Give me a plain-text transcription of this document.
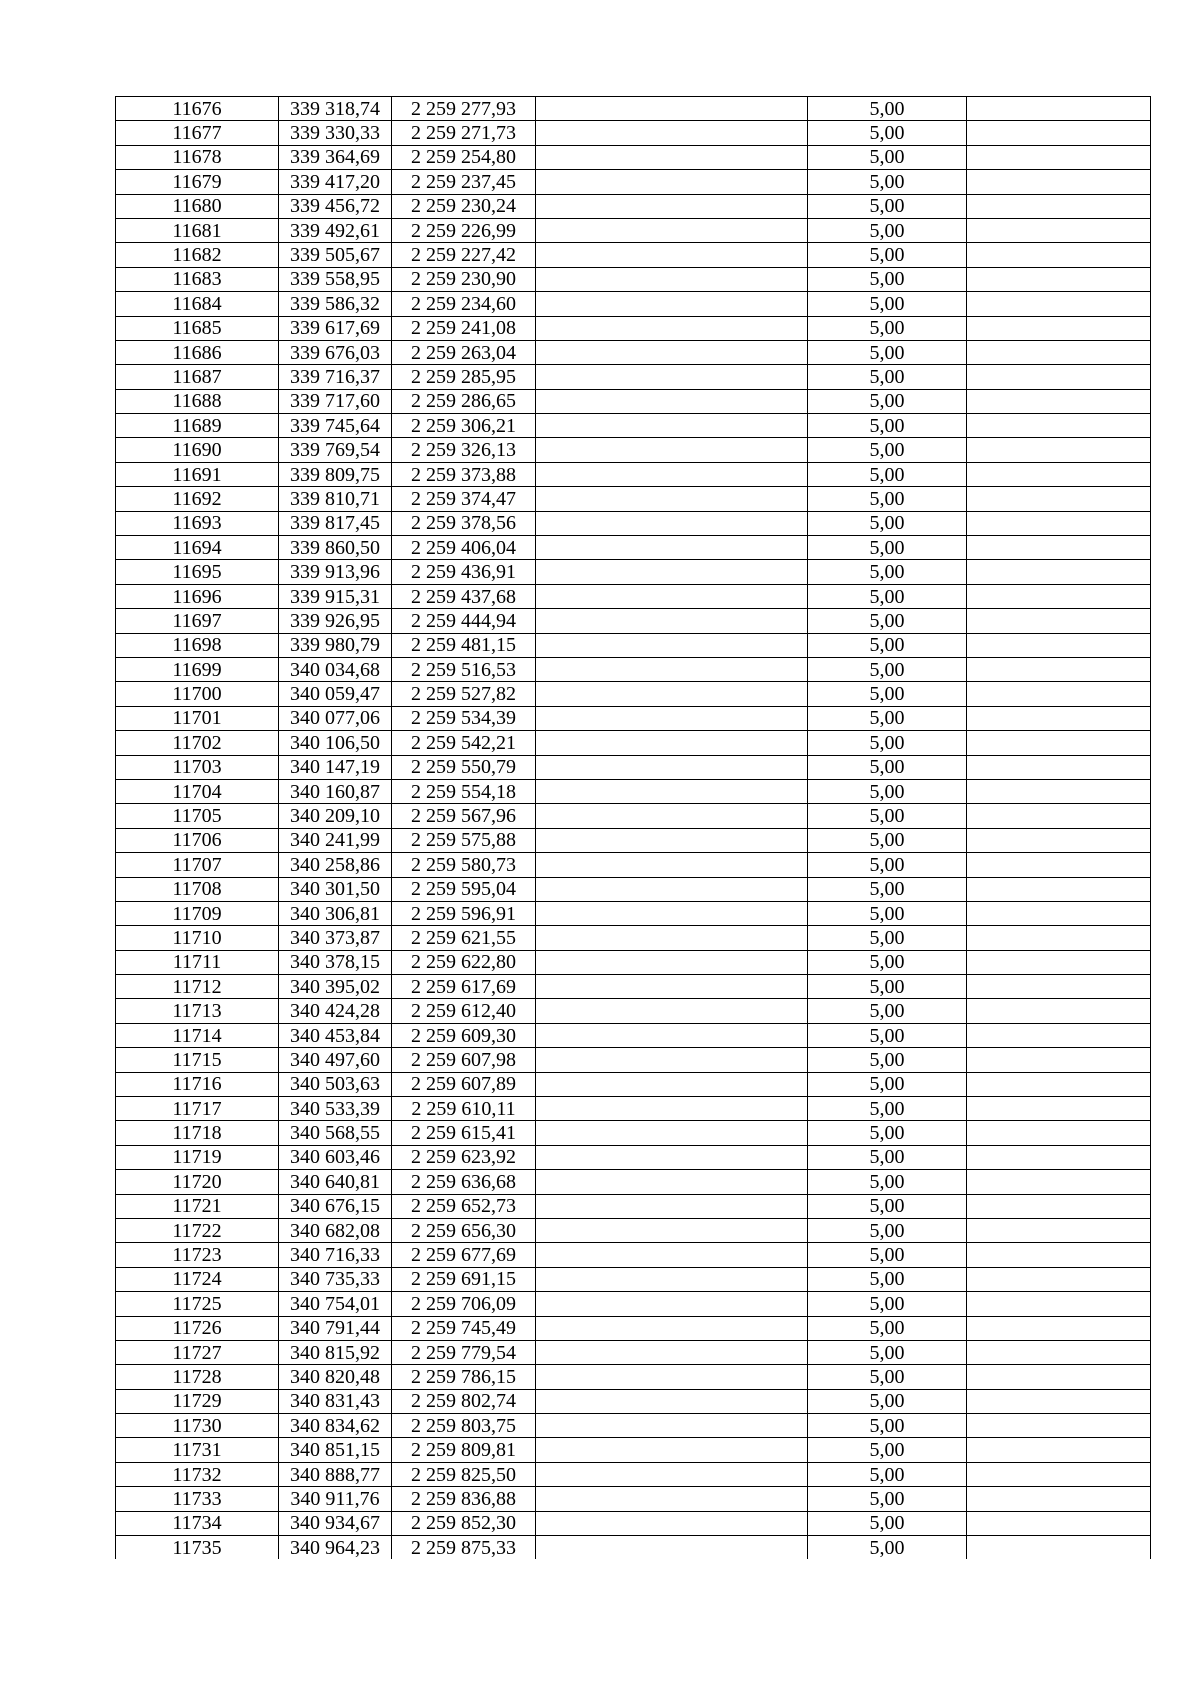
11676	339 318,74	2 259 277,93		5,00	
11677	339 330,33	2 259 271,73		5,00	
11678	339 364,69	2 259 254,80		5,00	
11679	339 417,20	2 259 237,45		5,00	
11680	339 456,72	2 259 230,24		5,00	
11681	339 492,61	2 259 226,99		5,00	
11682	339 505,67	2 259 227,42		5,00	
11683	339 558,95	2 259 230,90		5,00	
11684	339 586,32	2 259 234,60		5,00	
11685	339 617,69	2 259 241,08		5,00	
11686	339 676,03	2 259 263,04		5,00	
11687	339 716,37	2 259 285,95		5,00	
11688	339 717,60	2 259 286,65		5,00	
11689	339 745,64	2 259 306,21		5,00	
11690	339 769,54	2 259 326,13		5,00	
11691	339 809,75	2 259 373,88		5,00	
11692	339 810,71	2 259 374,47		5,00	
11693	339 817,45	2 259 378,56		5,00	
11694	339 860,50	2 259 406,04		5,00	
11695	339 913,96	2 259 436,91		5,00	
11696	339 915,31	2 259 437,68		5,00	
11697	339 926,95	2 259 444,94		5,00	
11698	339 980,79	2 259 481,15		5,00	
11699	340 034,68	2 259 516,53		5,00	
11700	340 059,47	2 259 527,82		5,00	
11701	340 077,06	2 259 534,39		5,00	
11702	340 106,50	2 259 542,21		5,00	
11703	340 147,19	2 259 550,79		5,00	
11704	340 160,87	2 259 554,18		5,00	
11705	340 209,10	2 259 567,96		5,00	
11706	340 241,99	2 259 575,88		5,00	
11707	340 258,86	2 259 580,73		5,00	
11708	340 301,50	2 259 595,04		5,00	
11709	340 306,81	2 259 596,91		5,00	
11710	340 373,87	2 259 621,55		5,00	
11711	340 378,15	2 259 622,80		5,00	
11712	340 395,02	2 259 617,69		5,00	
11713	340 424,28	2 259 612,40		5,00	
11714	340 453,84	2 259 609,30		5,00	
11715	340 497,60	2 259 607,98		5,00	
11716	340 503,63	2 259 607,89		5,00	
11717	340 533,39	2 259 610,11		5,00	
11718	340 568,55	2 259 615,41		5,00	
11719	340 603,46	2 259 623,92		5,00	
11720	340 640,81	2 259 636,68		5,00	
11721	340 676,15	2 259 652,73		5,00	
11722	340 682,08	2 259 656,30		5,00	
11723	340 716,33	2 259 677,69		5,00	
11724	340 735,33	2 259 691,15		5,00	
11725	340 754,01	2 259 706,09		5,00	
11726	340 791,44	2 259 745,49		5,00	
11727	340 815,92	2 259 779,54		5,00	
11728	340 820,48	2 259 786,15		5,00	
11729	340 831,43	2 259 802,74		5,00	
11730	340 834,62	2 259 803,75		5,00	
11731	340 851,15	2 259 809,81		5,00	
11732	340 888,77	2 259 825,50		5,00	
11733	340 911,76	2 259 836,88		5,00	
11734	340 934,67	2 259 852,30		5,00	
11735	340 964,23	2 259 875,33		5,00	
